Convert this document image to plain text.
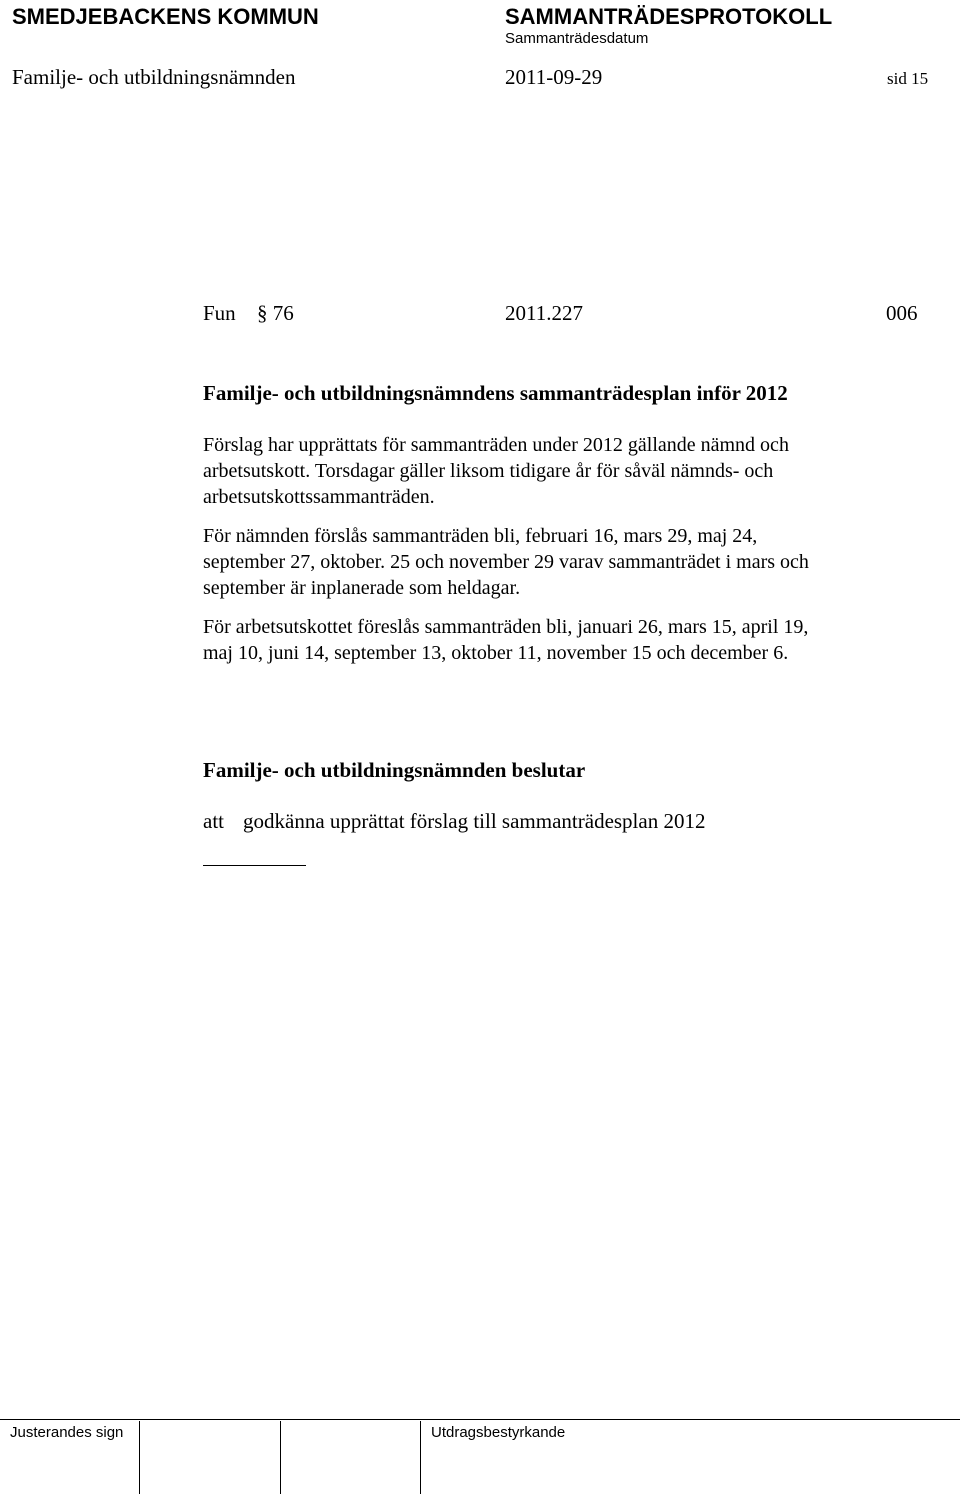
SMEDJEBACKENS KOMMUN	SAMMANTRÄDESPROTOKOLL
Sammanträdesdatum
Familje- och utbildningsnämnden	2011-09-29	sid 15
Fun § 76	2011.227	006
Familje- och utbildningsnämndens sammanträdesplan inför 2012
Förslag har upprättats för sammanträden under 2012 gällande nämnd och
arbetsutskott. Torsdagar gäller liksom tidigare år för såväl nämnds- och
arbetsutskottssammanträden.
För nämnden förslås sammanträden bli, februari 16, mars 29, maj 24,
september 27, oktober. 25 och november 29 varav sammanträdet i mars och
september är inplanerade som heldagar.
För arbetsutskottet föreslås sammanträden bli, januari 26, mars 15, april 19,
maj 10, juni 14, september 13, oktober 11, november 15 och december 6.
Familje- och utbildningsnämnden beslutar
att godkänna upprättat förslag till sammanträdesplan 2012
Justerandes sign	Utdragsbestyrkande
